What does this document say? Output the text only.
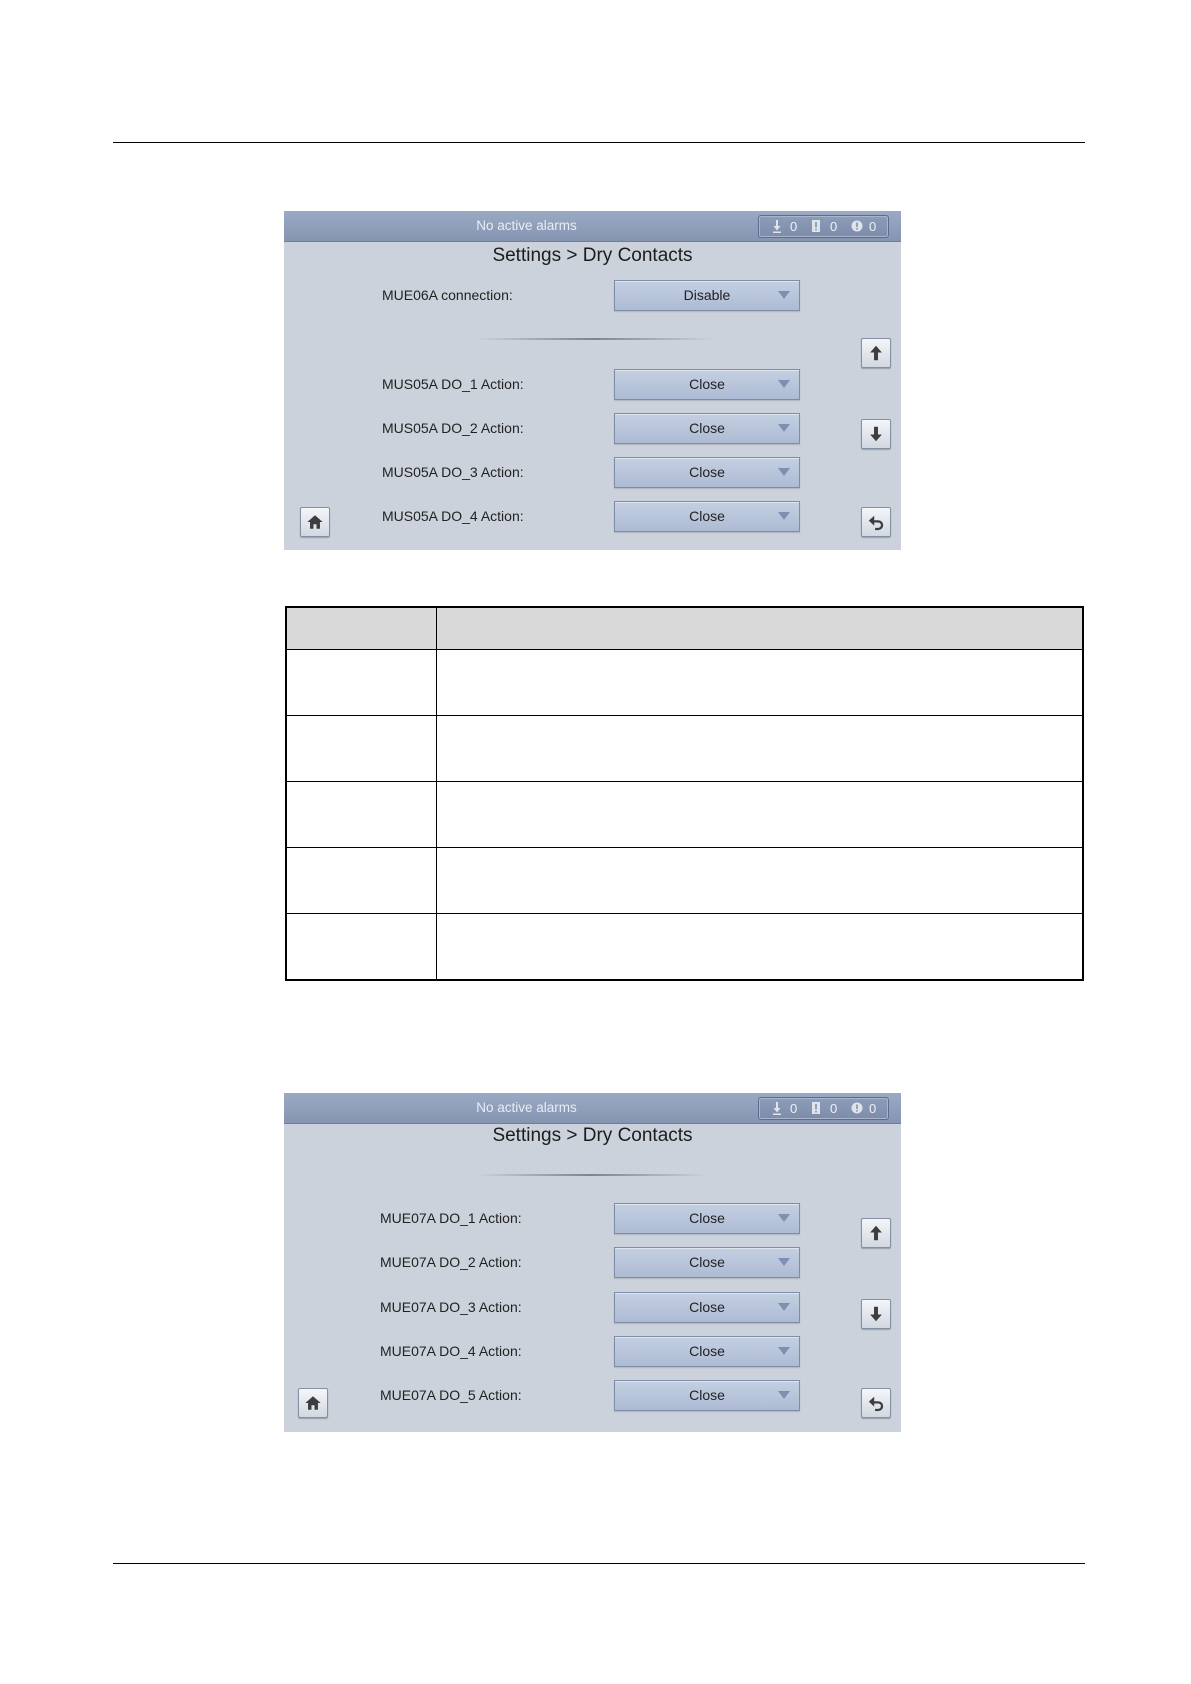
No active alarms	0	0 0
Settings > Dry Contacts
MUE06A connection:	Disable
MUS05A DO_1 Action:	Close
MUS05A DO_2 Action:	Close
MUS05A DO_3 Action:	Close
MUS05A DO_4 Action:	Close

No active alarms	0	0 0
Settings > Dry Contacts
MUE07A DO_1 Action:	Close
MUE07A DO_2 Action:	Close
MUE07A DO_3 Action:	Close
MUE07A DO_4 Action:	Close
MUE07A DO_5 Action:	Close
